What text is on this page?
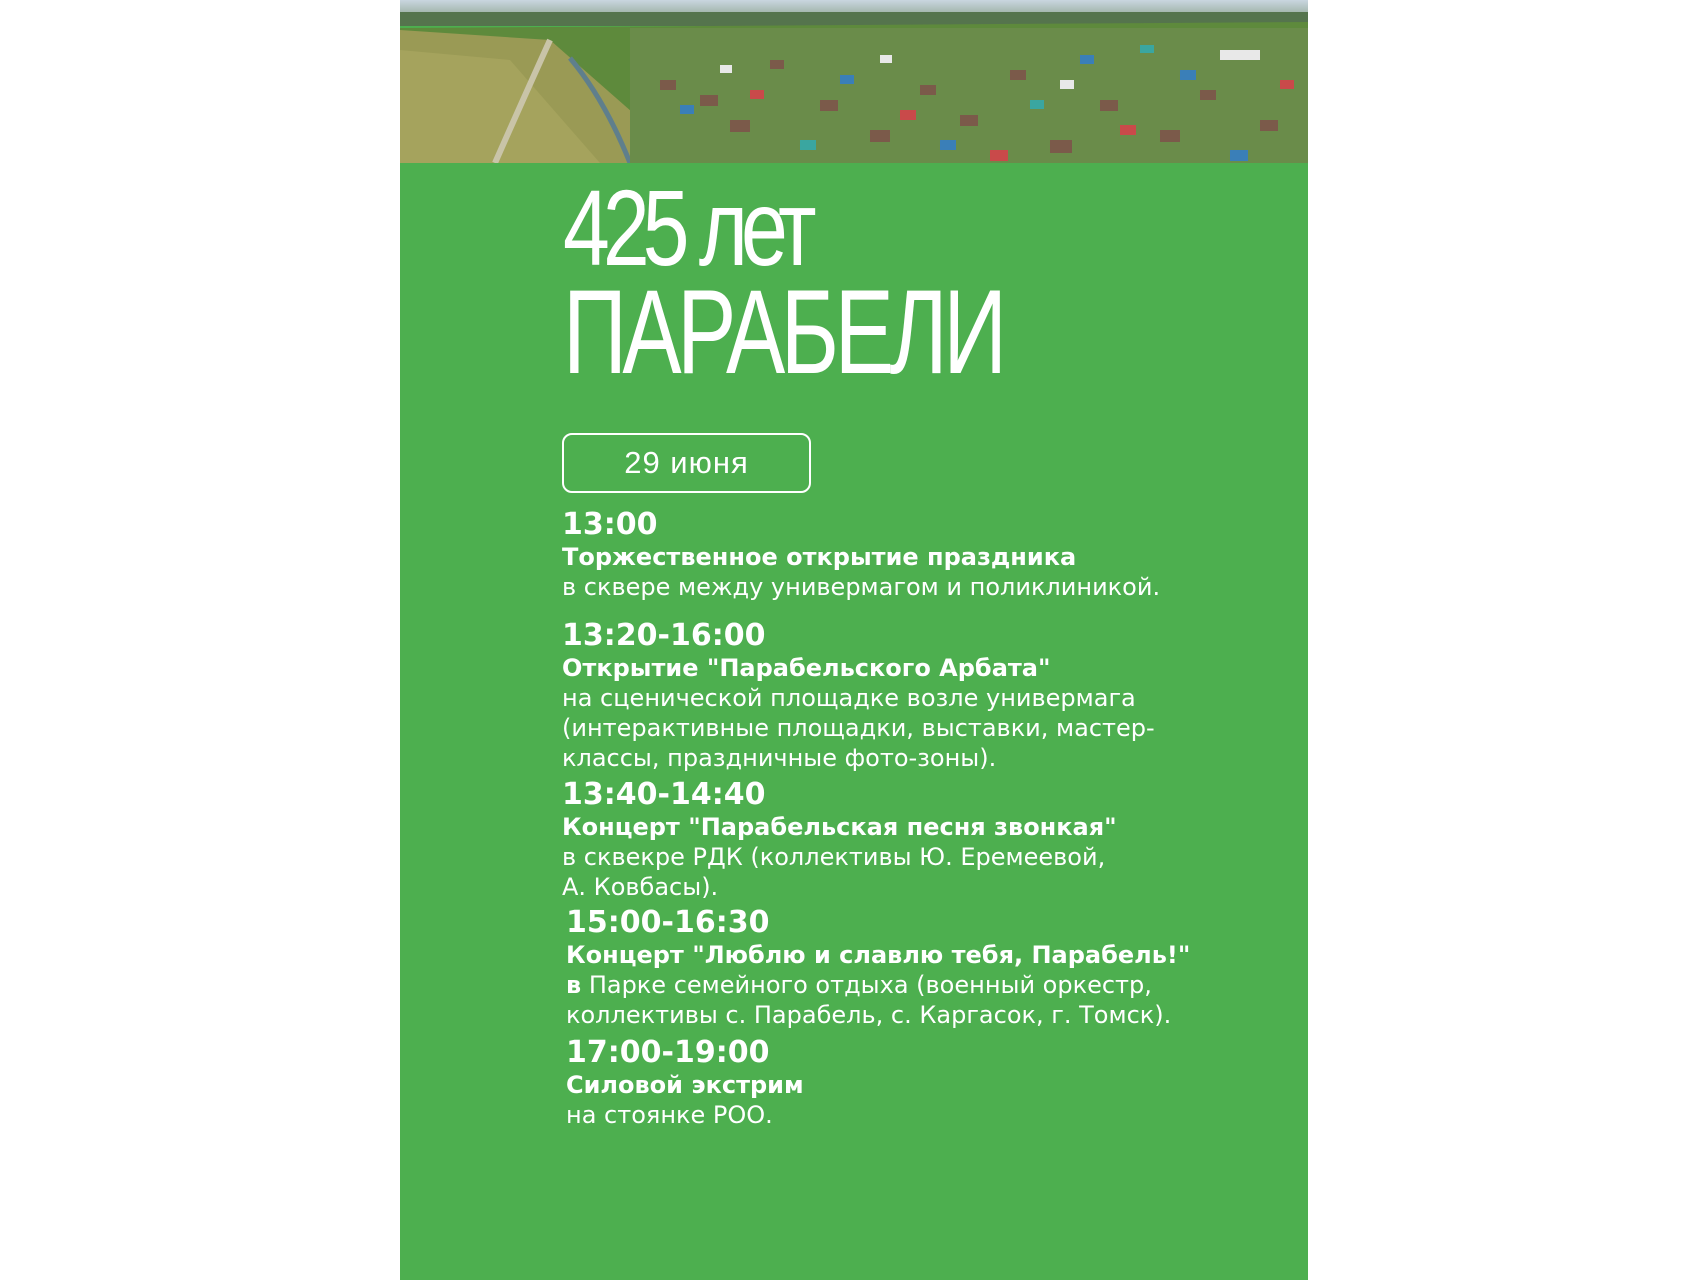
425 лет
ПАРАБЕЛИ
29 июня
13:00
Торжественное открытие праздника
в сквере между универмагом и поликлиникой.
13:20-16:00
Открытие "Парабельского Арбата"
на сценической площадке возле универмага
(интерактивные площадки, выставки, мастер-
классы, праздничные фото-зоны).
13:40-14:40
Концерт "Парабельская песня звонкая"
в сквекре РДК (коллективы Ю. Еремеевой,
А. Ковбасы).
15:00-16:30
Концерт "Люблю и славлю тебя, Парабель!"
в Парке семейного отдыха (военный оркестр,
коллективы с. Парабель, с. Каргасок, г. Томск).
17:00-19:00
Силовой экстрим
на стоянке РОО.
